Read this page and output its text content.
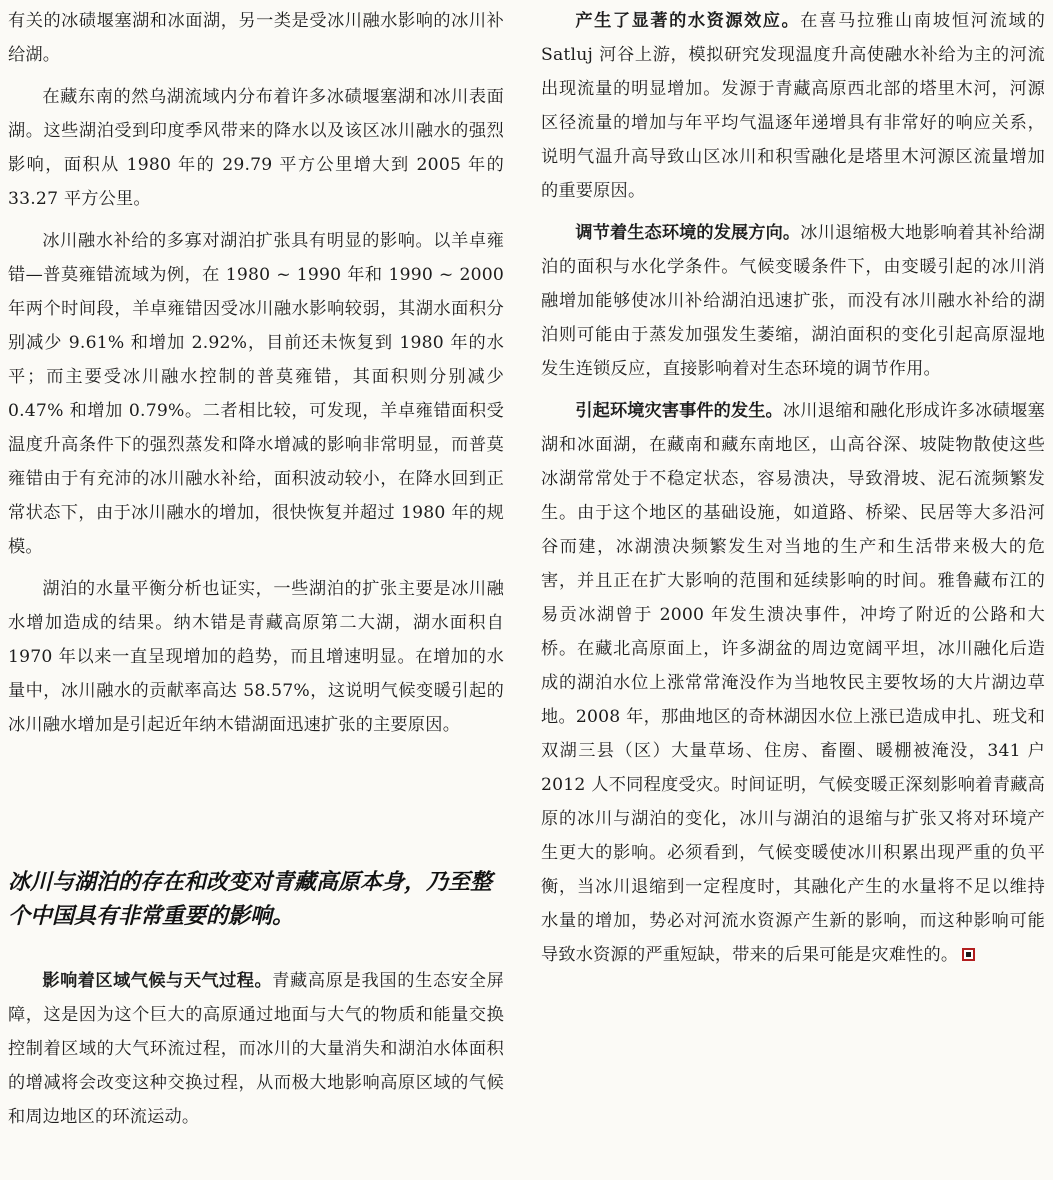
有关的冰碛堰塞湖和冰面湖，另一类是受冰川融水影响的冰川补给湖。

在藏东南的然乌湖流域内分布着许多冰碛堰塞湖和冰川表面湖。这些湖泊受到印度季风带来的降水以及该区冰川融水的强烈影响，面积从 1980 年的 29.79 平方公里增大到 2005 年的 33.27 平方公里。

冰川融水补给的多寡对湖泊扩张具有明显的影响。以羊卓雍错—普莫雍错流域为例，在 1980 ~ 1990 年和 1990 ~ 2000 年两个时间段，羊卓雍错因受冰川融水影响较弱，其湖水面积分别减少 9.61% 和增加 2.92%，目前还未恢复到 1980 年的水平；而主要受冰川融水控制的普莫雍错，其面积则分别减少 0.47% 和增加 0.79%。二者相比较，可发现，羊卓雍错面积受温度升高条件下的强烈蒸发和降水增减的影响非常明显，而普莫雍错由于有充沛的冰川融水补给，面积波动较小，在降水回到正常状态下，由于冰川融水的增加，很快恢复并超过 1980 年的规模。

湖泊的水量平衡分析也证实，一些湖泊的扩张主要是冰川融水增加造成的结果。纳木错是青藏高原第二大湖，湖水面积自 1970 年以来一直呈现增加的趋势，而且增速明显。在增加的水量中，冰川融水的贡献率高达 58.57%，这说明气候变暖引起的冰川融水增加是引起近年纳木错湖面迅速扩张的主要原因。

冰川与湖泊的存在和改变对青藏高原本身，乃至整个中国具有非常重要的影响。

影响着区域气候与天气过程。青藏高原是我国的生态安全屏障，这是因为这个巨大的高原通过地面与大气的物质和能量交换控制着区域的大气环流过程，而冰川的大量消失和湖泊水体面积的增减将会改变这种交换过程，从而极大地影响高原区域的气候和周边地区的环流运动。

产生了显著的水资源效应。在喜马拉雅山南坡恒河流域的 Satluj 河谷上游，模拟研究发现温度升高使融水补给为主的河流出现流量的明显增加。发源于青藏高原西北部的塔里木河，河源区径流量的增加与年平均气温逐年递增具有非常好的响应关系，说明气温升高导致山区冰川和积雪融化是塔里木河源区流量增加的重要原因。

调节着生态环境的发展方向。冰川退缩极大地影响着其补给湖泊的面积与水化学条件。气候变暖条件下，由变暖引起的冰川消融增加能够使冰川补给湖泊迅速扩张，而没有冰川融水补给的湖泊则可能由于蒸发加强发生萎缩，湖泊面积的变化引起高原湿地发生连锁反应，直接影响着对生态环境的调节作用。

引起环境灾害事件的发生。冰川退缩和融化形成许多冰碛堰塞湖和冰面湖，在藏南和藏东南地区，山高谷深、坡陡物散使这些冰湖常常处于不稳定状态，容易溃决，导致滑坡、泥石流频繁发生。由于这个地区的基础设施，如道路、桥梁、民居等大多沿河谷而建，冰湖溃决频繁发生对当地的生产和生活带来极大的危害，并且正在扩大影响的范围和延续影响的时间。雅鲁藏布江的易贡冰湖曾于 2000 年发生溃决事件，冲垮了附近的公路和大桥。在藏北高原面上，许多湖盆的周边宽阔平坦，冰川融化后造成的湖泊水位上涨常常淹没作为当地牧民主要牧场的大片湖边草地。2008 年，那曲地区的奇林湖因水位上涨已造成申扎、班戈和双湖三县（区）大量草场、住房、畜圈、暖棚被淹没，341 户 2012 人不同程度受灾。时间证明，气候变暖正深刻影响着青藏高原的冰川与湖泊的变化，冰川与湖泊的退缩与扩张又将对环境产生更大的影响。必须看到，气候变暖使冰川积累出现严重的负平衡，当冰川退缩到一定程度时，其融化产生的水量将不足以维持水量的增加，势必对河流水资源产生新的影响，而这种影响可能导致水资源的严重短缺，带来的后果可能是灾难性的。
